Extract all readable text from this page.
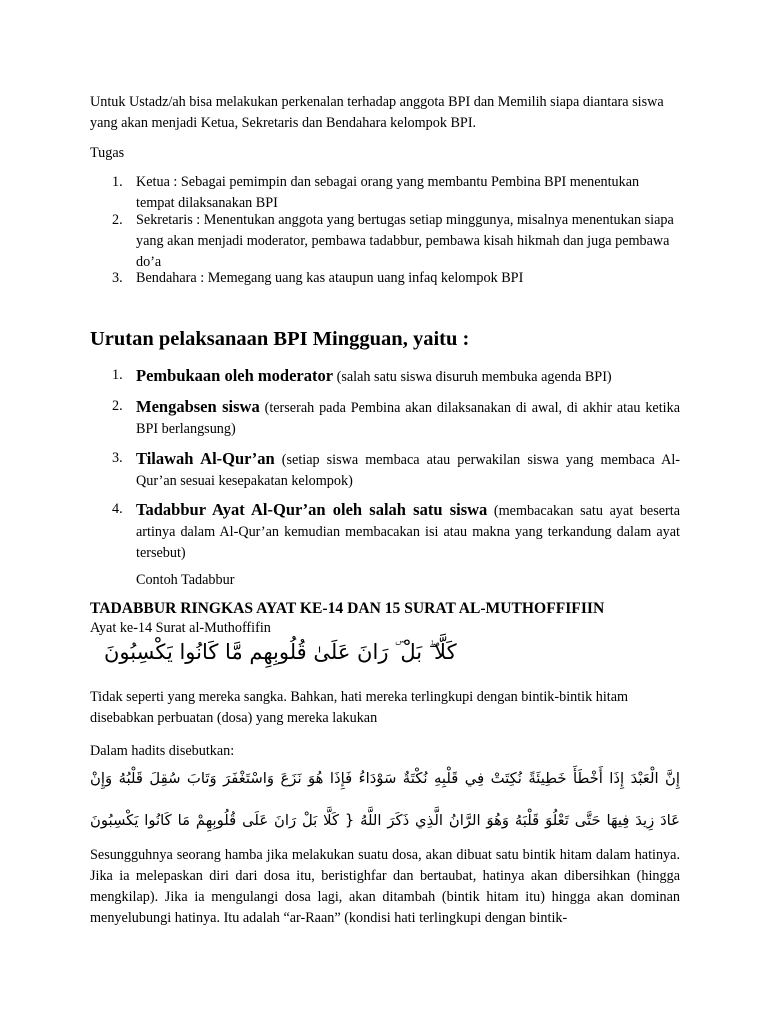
Untuk Ustadz/ah bisa melakukan perkenalan terhadap anggota BPI dan Memilih siapa diantara siswa yang akan menjadi Ketua, Sekretaris dan Bendahara kelompok BPI.

Tugas

1. Ketua : Sebagai pemimpin dan sebagai orang yang membantu Pembina BPI menentukan tempat dilaksanakan BPI
2. Sekretaris : Menentukan anggota yang bertugas setiap minggunya, misalnya menentukan siapa yang akan menjadi moderator, pembawa tadabbur, pembawa kisah hikmah dan juga pembawa do’a
3. Bendahara : Memegang uang kas ataupun uang infaq kelompok BPI
Urutan pelaksanaan BPI Mingguan, yaitu :
1. Pembukaan oleh moderator (salah satu siswa disuruh membuka agenda BPI)
2. Mengabsen siswa (terserah pada Pembina akan dilaksanakan di awal, di akhir atau ketika BPI berlangsung)
3. Tilawah Al-Qur’an (setiap siswa membaca atau perwakilan siswa yang membaca Al-Qur’an sesuai kesepakatan kelompok)
4. Tadabbur Ayat Al-Qur’an oleh salah satu siswa (membacakan satu ayat beserta artinya dalam Al-Qur’an kemudian membacakan isi atau makna yang terkandung dalam ayat tersebut)
Contoh Tadabbur
TADABBUR RINGKAS AYAT KE-14 DAN 15 SURAT AL-MUTHOFFIFIIN

Ayat ke-14 Surat al-Muthoffifin

كَلَّا ۖ بَلْ ۜ رَانَ عَلَىٰ قُلُوبِهِم مَّا كَانُوا يَكْسِبُونَ

Tidak seperti yang mereka sangka. Bahkan, hati mereka terlingkupi dengan bintik-bintik hitam disebabkan perbuatan (dosa) yang mereka lakukan

Dalam hadits disebutkan:

إِنَّ الْعَبْدَ إِذَا أَخْطَأَ خَطِيئَةً نُكِتَتْ فِي قَلْبِهِ نُكْتَةٌ سَوْدَاءُ فَإِذَا هُوَ نَزَعَ وَاسْتَغْفَرَ وَتَابَ سُقِلَ قَلْبُهُ وَإِنْ
عَادَ زِيدَ فِيهَا حَتَّى تَعْلُوَ قَلْبَهُ وَهُوَ الرَّانُ الَّذِي ذَكَرَ اللَّهُ { كَلَّا بَلْ رَانَ عَلَى قُلُوبِهِمْ مَا كَانُوا يَكْسِبُونَ

Sesungguhnya seorang hamba jika melakukan suatu dosa, akan dibuat satu bintik hitam dalam hatinya. Jika ia melepaskan diri dari dosa itu, beristighfar dan bertaubat, hatinya akan dibersihkan (hingga mengkilap). Jika ia mengulangi dosa lagi, akan ditambah (bintik hitam itu) hingga akan dominan menyelubungi hatinya. Itu adalah “ar-Raan” (kondisi hati terlingkupi dengan bintik-
